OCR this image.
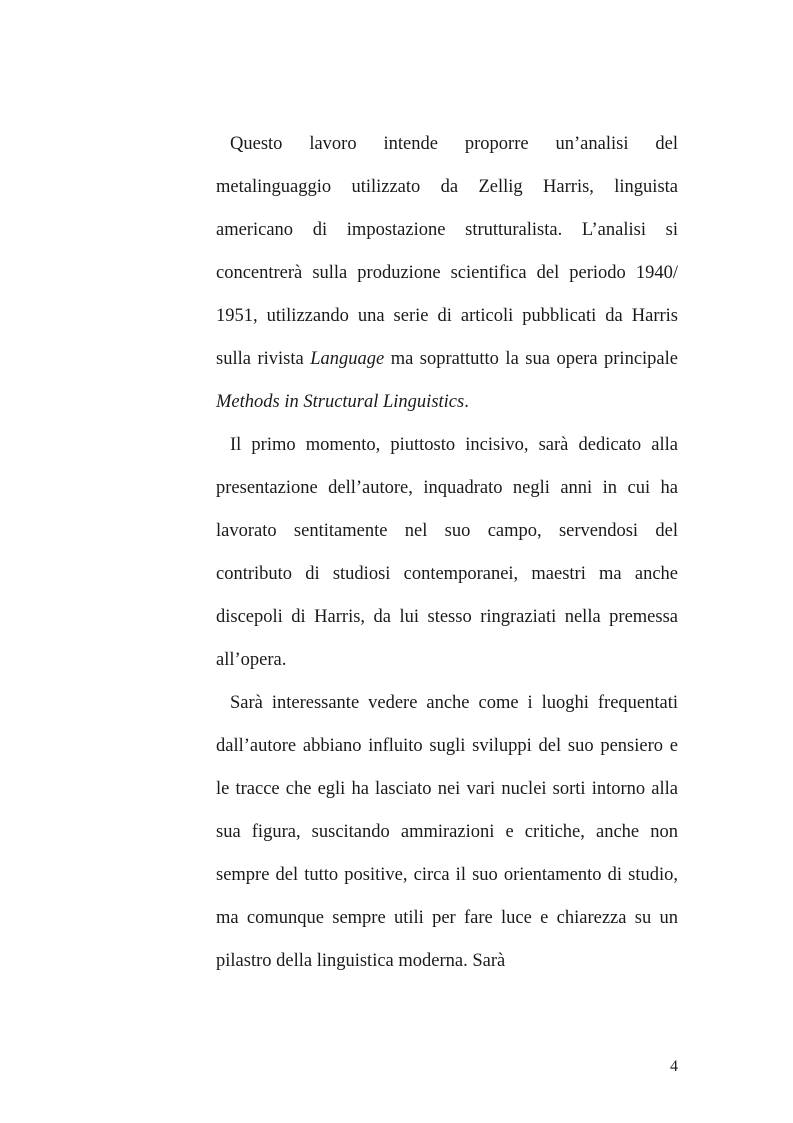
Questo lavoro intende proporre un’analisi del metalinguaggio utilizzato da Zellig Harris, linguista americano di impostazione strutturalista. L’analisi si concentrerà sulla produzione scientifica del periodo 1940/ 1951, utilizzando una serie di articoli pubblicati da Harris sulla rivista Language ma soprattutto la sua opera principale Methods in Structural Linguistics.

Il primo momento, piuttosto incisivo, sarà dedicato alla presentazione dell’autore, inquadrato negli anni in cui ha lavorato sentitamente nel suo campo, servendosi del contributo di studiosi contemporanei, maestri ma anche discepoli di Harris, da lui stesso ringraziati nella premessa all’opera.

Sarà interessante vedere anche come i luoghi frequentati dall’autore abbiano influito sugli sviluppi del suo pensiero e le tracce che egli ha lasciato nei vari nuclei sorti intorno alla sua figura, suscitando ammirazioni e critiche, anche non sempre del tutto positive, circa il suo orientamento di studio, ma comunque sempre utili per fare luce e chiarezza su un pilastro della linguistica moderna. Sarà

4
